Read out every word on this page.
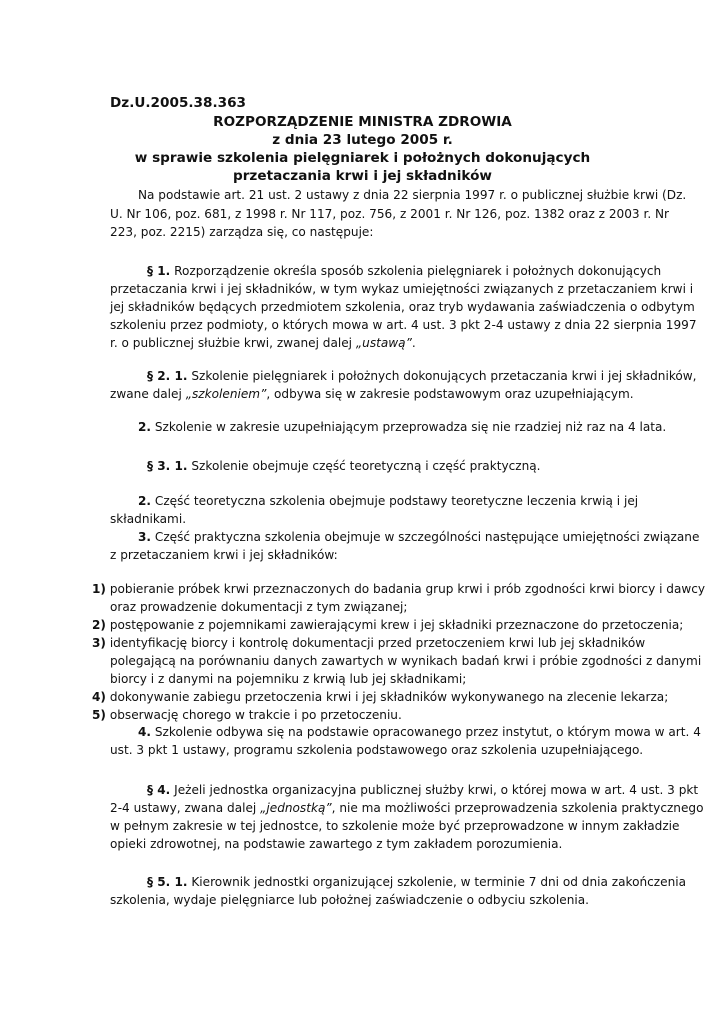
Dz.U.2005.38.363
ROZPORZĄDZENIE MINISTRA ZDROWIA
z dnia 23 lutego 2005 r.
w sprawie szkolenia pielęgniarek i położnych dokonujących
przetaczania krwi i jej składników
Na podstawie art. 21 ust. 2 ustawy z dnia 22 sierpnia 1997 r. o publicznej służbie krwi (Dz.
U. Nr 106, poz. 681, z 1998 r. Nr 117, poz. 756, z 2001 r. Nr 126, poz. 1382 oraz z 2003 r. Nr
223, poz. 2215) zarządza się, co następuje:
§ 1. Rozporządzenie określa sposób szkolenia pielęgniarek i położnych dokonujących
przetaczania krwi i jej składników, w tym wykaz umiejętności związanych z przetaczaniem krwi i
jej składników będących przedmiotem szkolenia, oraz tryb wydawania zaświadczenia o odbytym
szkoleniu przez podmioty, o których mowa w art. 4 ust. 3 pkt 2-4 ustawy z dnia 22 sierpnia 1997
r. o publicznej służbie krwi, zwanej dalej „ustawą”.
§ 2. 1. Szkolenie pielęgniarek i położnych dokonujących przetaczania krwi i jej składników,
zwane dalej „szkoleniem”, odbywa się w zakresie podstawowym oraz uzupełniającym.
2. Szkolenie w zakresie uzupełniającym przeprowadza się nie rzadziej niż raz na 4 lata.
§ 3. 1. Szkolenie obejmuje część teoretyczną i część praktyczną.
2. Część teoretyczna szkolenia obejmuje podstawy teoretyczne leczenia krwią i jej
składnikami.
3. Część praktyczna szkolenia obejmuje w szczególności następujące umiejętności związane
z przetaczaniem krwi i jej składników:
1) pobieranie próbek krwi przeznaczonych do badania grup krwi i prób zgodności krwi biorcy i dawcy
oraz prowadzenie dokumentacji z tym związanej;
2) postępowanie z pojemnikami zawierającymi krew i jej składniki przeznaczone do przetoczenia;
3) identyfikację biorcy i kontrolę dokumentacji przed przetoczeniem krwi lub jej składników
polegającą na porównaniu danych zawartych w wynikach badań krwi i próbie zgodności z danymi
biorcy i z danymi na pojemniku z krwią lub jej składnikami;
4) dokonywanie zabiegu przetoczenia krwi i jej składników wykonywanego na zlecenie lekarza;
5) obserwację chorego w trakcie i po przetoczeniu.
4. Szkolenie odbywa się na podstawie opracowanego przez instytut, o którym mowa w art. 4
ust. 3 pkt 1 ustawy, programu szkolenia podstawowego oraz szkolenia uzupełniającego.
§ 4. Jeżeli jednostka organizacyjna publicznej służby krwi, o której mowa w art. 4 ust. 3 pkt
2-4 ustawy, zwana dalej „jednostką”, nie ma możliwości przeprowadzenia szkolenia praktycznego
w pełnym zakresie w tej jednostce, to szkolenie może być przeprowadzone w innym zakładzie
opieki zdrowotnej, na podstawie zawartego z tym zakładem porozumienia.
§ 5. 1. Kierownik jednostki organizującej szkolenie, w terminie 7 dni od dnia zakończenia
szkolenia, wydaje pielęgniarce lub położnej zaświadczenie o odbyciu szkolenia.
